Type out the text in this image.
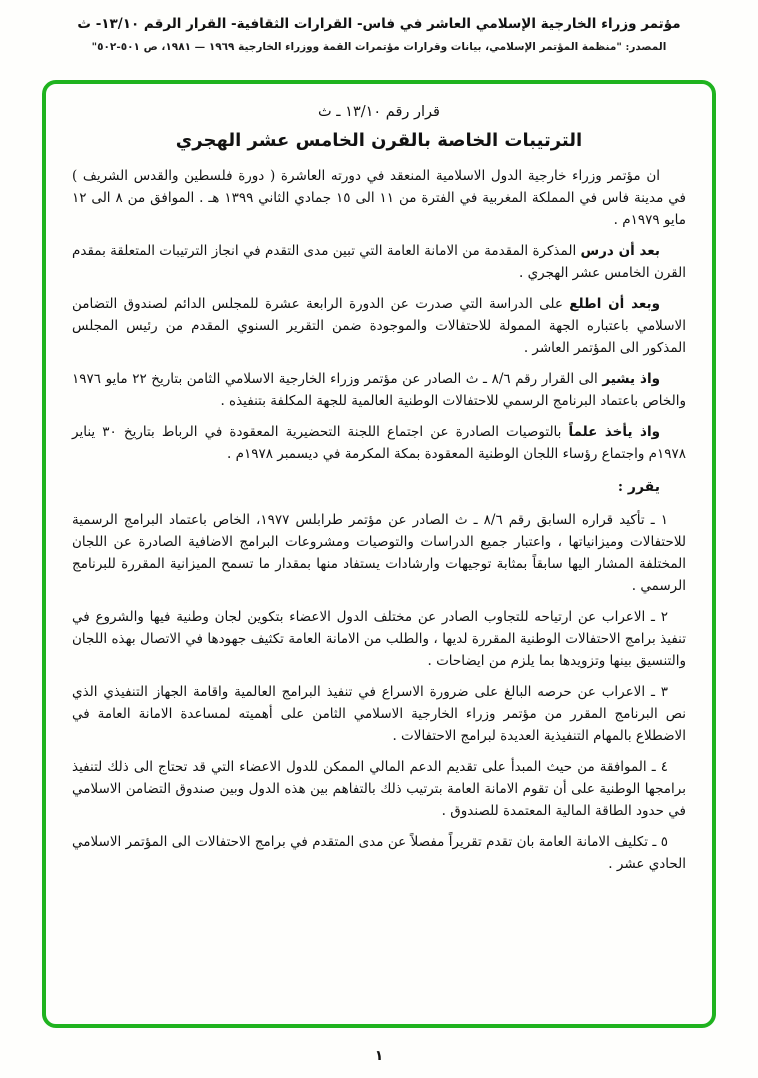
مؤتمر وزراء الخارجية الإسلامي العاشر في فاس- القرارات الثقافية- القرار الرقم ١٣/١٠- ث
المصدر: "منظمة المؤتمر الإسلامي، بيانات وقرارات مؤتمرات القمة ووزراء الخارجية ١٩٦٩ — ١٩٨١، ص ٥٠١-٥٠٢"
قرار رقم ١٣/١٠ ـ ث
الترتيبات الخاصة بالقرن الخامس عشر الهجري

ان مؤتمر وزراء خارجية الدول الاسلامية المنعقد في دورته العاشرة ( دورة فلسطين والقدس الشريف ) في مدينة فاس في المملكة المغربية في الفترة من ١١ الى ١٥ جمادي الثاني ١٣٩٩ هـ . الموافق من ٨ الى ١٢ مايو ١٩٧٩م .

بعد أن درس المذكرة المقدمة من الامانة العامة التي تبين مدى التقدم في انجاز الترتيبات المتعلقة بمقدم القرن الخامس عشر الهجري .

وبعد أن اطلع على الدراسة التي صدرت عن الدورة الرابعة عشرة للمجلس الدائم لصندوق التضامن الاسلامي باعتباره الجهة الممولة للاحتفالات والموجودة ضمن التقرير السنوي المقدم من رئيس المجلس المذكور الى المؤتمر العاشر .

واذ يشير الى القرار رقم ٨/٦ ـ ث الصادر عن مؤتمر وزراء الخارجية الاسلامي الثامن بتاريخ ٢٢ مايو ١٩٧٦ والخاص باعتماد البرنامج الرسمي للاحتفالات الوطنية العالمية للجهة المكلفة بتنفيذه .

واذ يأخذ علماً بالتوصيات الصادرة عن اجتماع اللجنة التحضيرية المعقودة في الرباط بتاريخ ٣٠ يناير ١٩٧٨م واجتماع رؤساء اللجان الوطنية المعقودة بمكة المكرمة في ديسمبر ١٩٧٨م .

يقرر :

١ ـ تأكيد قراره السابق رقم ٨/٦ ـ ث الصادر عن مؤتمر طرابلس ١٩٧٧، الخاص باعتماد البرامج الرسمية للاحتفالات وميزانياتها ، واعتبار جميع الدراسات والتوصيات ومشروعات البرامج الاضافية الصادرة عن اللجان المختلفة المشار اليها سابقاً بمثابة توجيهات وارشادات يستفاد منها بمقدار ما تسمح الميزانية المقررة للبرنامج الرسمي .

٢ ـ الاعراب عن ارتياحه للتجاوب الصادر عن مختلف الدول الاعضاء بتكوين لجان وطنية فيها والشروع في تنفيذ برامج الاحتفالات الوطنية المقررة لديها ، والطلب من الامانة العامة تكثيف جهودها في الاتصال بهذه اللجان والتنسيق بينها وتزويدها بما يلزم من ايضاحات .

٣ ـ الاعراب عن حرصه البالغ على ضرورة الاسراع في تنفيذ البرامج العالمية واقامة الجهاز التنفيذي الذي نص البرنامج المقرر من مؤتمر وزراء الخارجية الاسلامي الثامن على أهميته لمساعدة الامانة العامة في الاضطلاع بالمهام التنفيذية العديدة لبرامج الاحتفالات .

٤ ـ الموافقة من حيث المبدأ على تقديم الدعم المالي الممكن للدول الاعضاء التي قد تحتاج الى ذلك لتنفيذ برامجها الوطنية على أن تقوم الامانة العامة بترتيب ذلك بالتفاهم بين هذه الدول وبين صندوق التضامن الاسلامي في حدود الطاقة المالية المعتمدة للصندوق .

٥ ـ تكليف الامانة العامة بان تقدم تقريراً مفصلاً عن مدى المتقدم في برامج الاحتفالات الى المؤتمر الاسلامي الحادي عشر .

١
